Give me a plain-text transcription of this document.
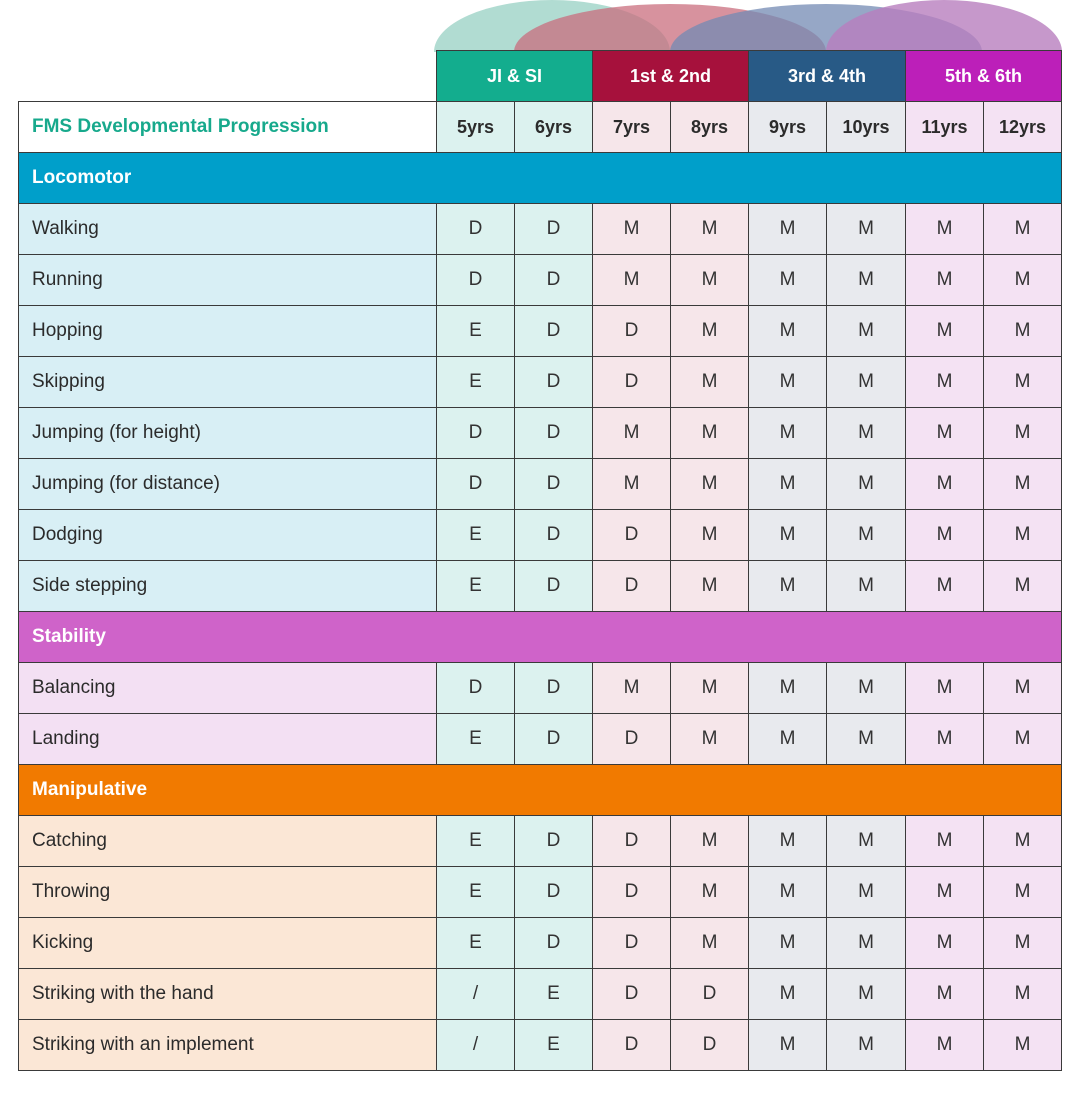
	JI & SI		1st & 2nd		3rd & 4th		5th & 6th	
FMS Developmental Progression	5yrs	6yrs	7yrs	8yrs	9yrs	10yrs	11yrs	12yrs
Locomotor								
Walking	D	D	M	M	M	M	M	M
Running	D	D	M	M	M	M	M	M
Hopping	E	D	D	M	M	M	M	M
Skipping	E	D	D	M	M	M	M	M
Jumping (for height)	D	D	M	M	M	M	M	M
Jumping (for distance)	D	D	M	M	M	M	M	M
Dodging	E	D	D	M	M	M	M	M
Side stepping	E	D	D	M	M	M	M	M
Stability								
Balancing	D	D	M	M	M	M	M	M
Landing	E	D	D	M	M	M	M	M
Manipulative								
Catching	E	D	D	M	M	M	M	M
Throwing	E	D	D	M	M	M	M	M
Kicking	E	D	D	M	M	M	M	M
Striking with the hand	/	E	D	D	M	M	M	M
Striking with an implement	/	E	D	D	M	M	M	M
